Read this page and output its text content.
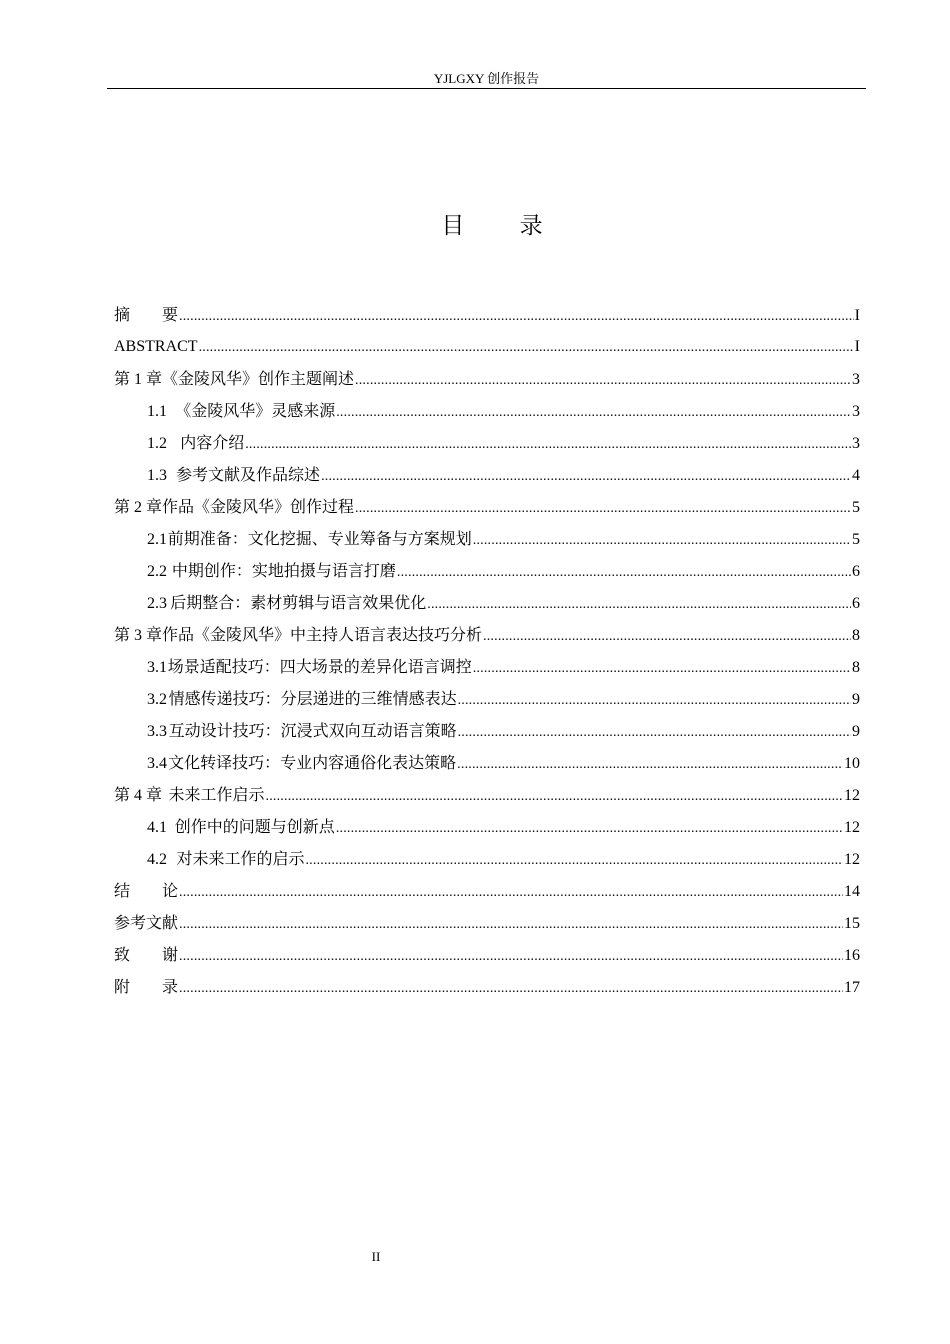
YJLGXY 创作报告
目 录
摘　　要 .....	I
ABSTRACT .....	I
第 1 章 《金陵风华》创作主题阐述 .....	3
1.1 《金陵风华》灵感来源 .....	3
1.2 内容介绍 .....	3
1.3 参考文献及作品综述 .....	4
第 2 章 作品《金陵风华》创作过程 .....	5
2.1 前期准备：文化挖掘、专业筹备与方案规划 .....	5
2.2 中期创作：实地拍摄与语言打磨 .....	6
2.3 后期整合：素材剪辑与语言效果优化 .....	6
第 3 章 作品《金陵风华》中主持人语言表达技巧分析 .....	8
3.1 场景适配技巧：四大场景的差异化语言调控 .....	8
3.2 情感传递技巧：分层递进的三维情感表达 .....	9
3.3 互动设计技巧：沉浸式双向互动语言策略 .....	9
3.4 文化转译技巧：专业内容通俗化表达策略 .....	10
第 4 章 未来工作启示 .....	12
4.1 创作中的问题与创新点 .....	12
4.2 对未来工作的启示 .....	12
结　　论 .....	14
参考文献 .....	15
致　　谢 .....	16
附　　录 .....	17
II
